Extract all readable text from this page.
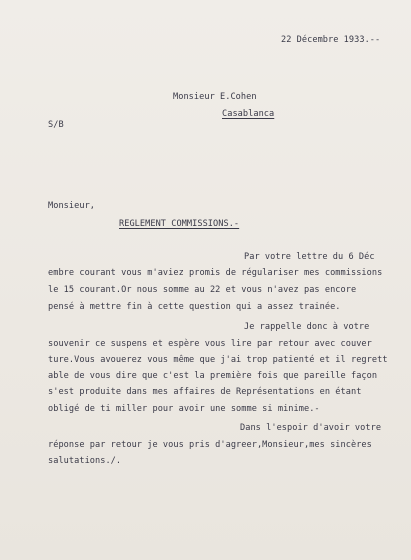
22 Décembre 1933.--
Monsieur E.Cohen
Casablanca
S/B
Monsieur,
REGLEMENT COMMISSIONS.-
Par votre lettre du 6 Déc
embre courant vous m'aviez promis de régulariser mes commissions
le 15 courant.Or nous somme au 22 et vous n'avez pas encore
pensé à mettre fin à cette question qui a assez trainée.
Je rappelle donc à votre
souvenir ce suspens et espère vous lire par retour avec couver
ture.Vous avouerez vous même que j'ai trop patienté et il regrett
able de vous dire que c'est la première fois que pareille façon
s'est produite dans mes affaires de Représentations en étant
obligé de ti miller pour avoir une somme si minime.-
Dans l'espoir d'avoir votre
réponse par retour je vous pris d'agreer,Monsieur,mes sincères
salutations./.
